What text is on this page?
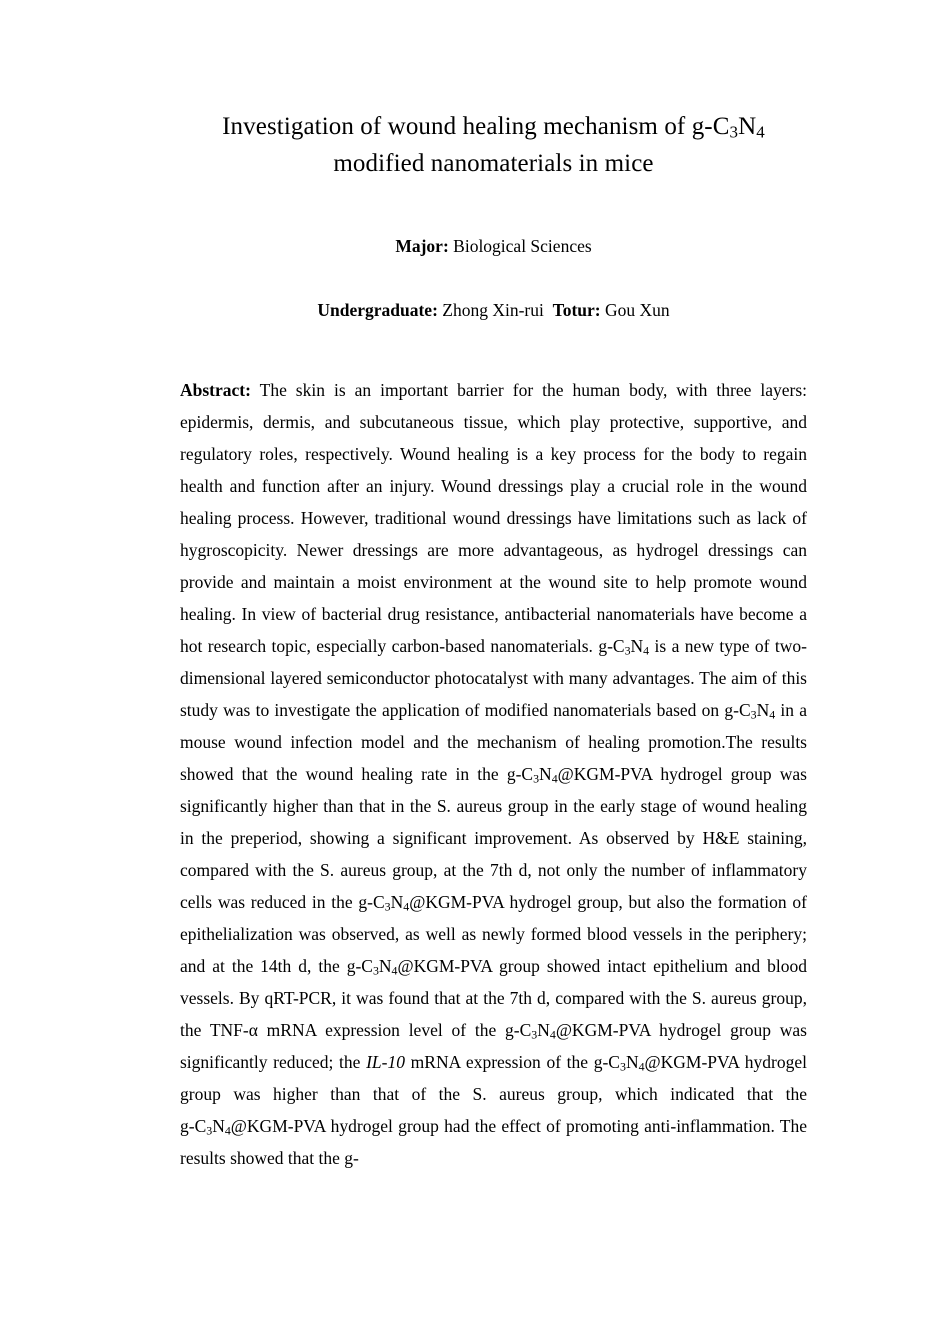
Investigation of wound healing mechanism of $g-C_3N_4$
modified nanomaterials in mice
Major: Biological Sciences
Undergraduate: Zhong Xin-rui Totur: Gou Xun
Abstract: The skin is an important barrier for the human body, with three layers: epidermis, dermis, and subcutaneous tissue, which play protective, supportive, and regulatory roles, respectively. Wound healing is a key process for the body to regain health and function after an injury. Wound dressings play a crucial role in the wound healing process. However, traditional wound dressings have limitations such as lack of hygroscopicity. Newer dressings are more advantageous, as hydrogel dressings can provide and maintain a moist environment at the wound site to help promote wound healing. In view of bacterial drug resistance, antibacterial nanomaterials have become a hot research topic, especially carbon-based nanomaterials. $g-C_3N_4$ is a new type of two-dimensional layered semiconductor photocatalyst with many advantages. The aim of this study was to investigate the application of modified nanomaterials based on $g-C_3N_4$ in a mouse wound infection model and the mechanism of healing promotion.The results showed that the wound healing rate in the $g-C_3N_4@KGM$-PVA hydrogel group was significantly higher than that in the S. aureus group in the early stage of wound healing in the preperiod, showing a significant improvement. As observed by H&E staining, compared with the S. aureus group, at the 7th d, not only the number of inflammatory cells was reduced in the $g-C_3N_4@KGM$-PVA hydrogel group, but also the formation of epithelialization was observed, as well as newly formed blood vessels in the periphery; and at the 14th d, the $g-C_3N_4@KGM$-PVA group showed intact epithelium and blood vessels. By qRT-PCR, it was found that at the 7th d, compared with the S. aureus group, the TNF-α mRNA expression level of the $g-C_3N_4@KGM$-PVA hydrogel group was significantly reduced; the IL-10 mRNA expression of the $g-C_3N_4@KGM$-PVA hydrogel group was higher than that of the S. aureus group, which indicated that the $g-C_3N_4@KGM$-PVA hydrogel group had the effect of promoting anti-inflammation. The results showed that the g-
